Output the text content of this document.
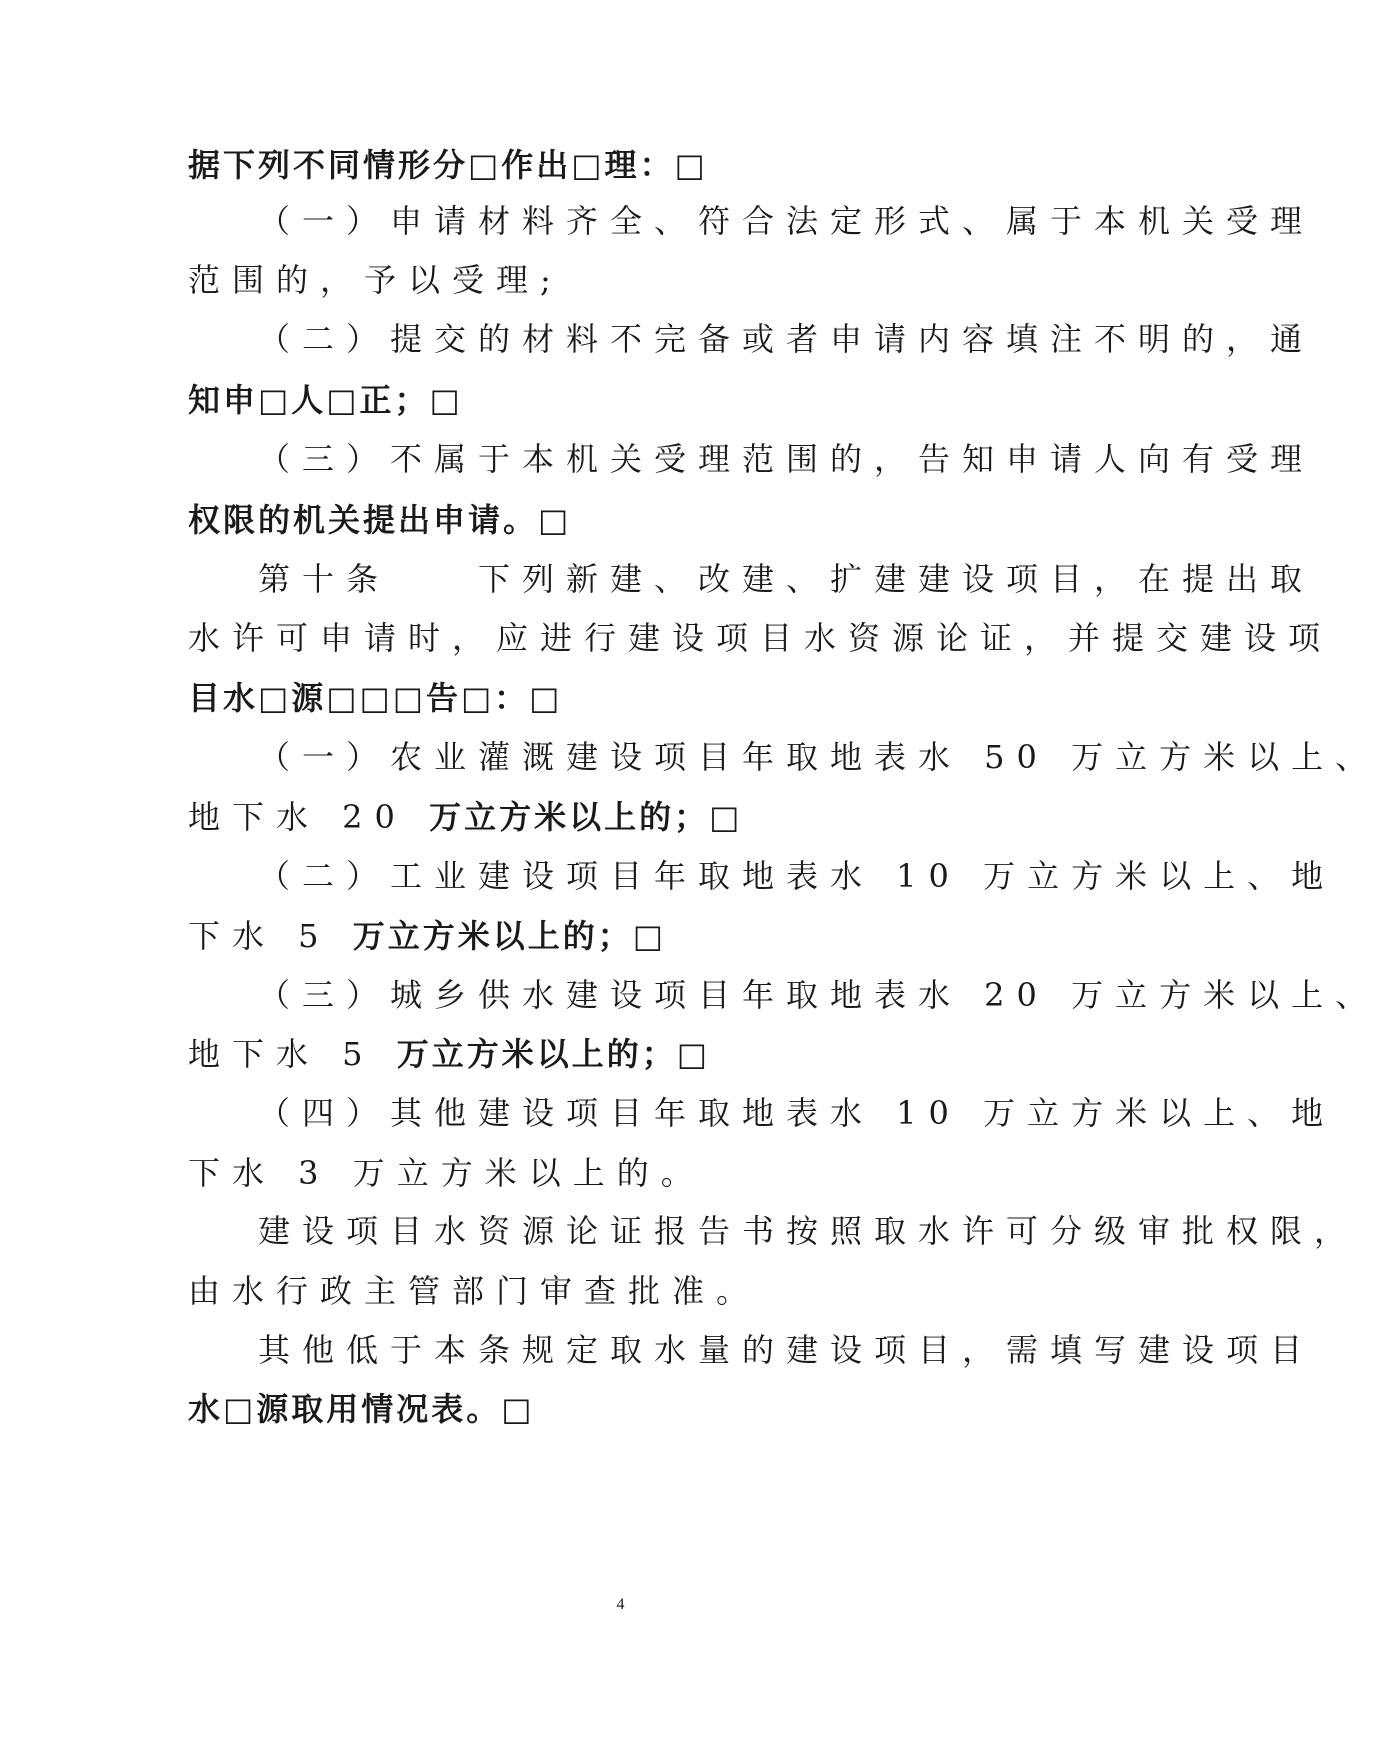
据下列不同情形分□作出□理：□
（一）申请材料齐全、符合法定形式、属于本机关受理
范围的，予以受理;
（二）提交的材料不完备或者申请内容填注不明的，通
知申□人□正；□
（三）不属于本机关受理范围的，告知申请人向有受理
权限的机关提出申请。□
第十条　　下列新建、改建、扩建建设项目，在提出取
水许可申请时，应进行建设项目水资源论证，并提交建设项
目水□源□□□告□：□
（一）农业灌溉建设项目年取地表水 50 万立方米以上、
地下水 20 万立方米以上的；□
（二）工业建设项目年取地表水 10 万立方米以上、地
下水 5 万立方米以上的；□
（三）城乡供水建设项目年取地表水 20 万立方米以上、
地下水 5 万立方米以上的；□
（四）其他建设项目年取地表水 10 万立方米以上、地
下水 3 万立方米以上的。
建设项目水资源论证报告书按照取水许可分级审批权限，
由水行政主管部门审查批准。
其他低于本条规定取水量的建设项目，需填写建设项目
水□源取用情况表。□
4
